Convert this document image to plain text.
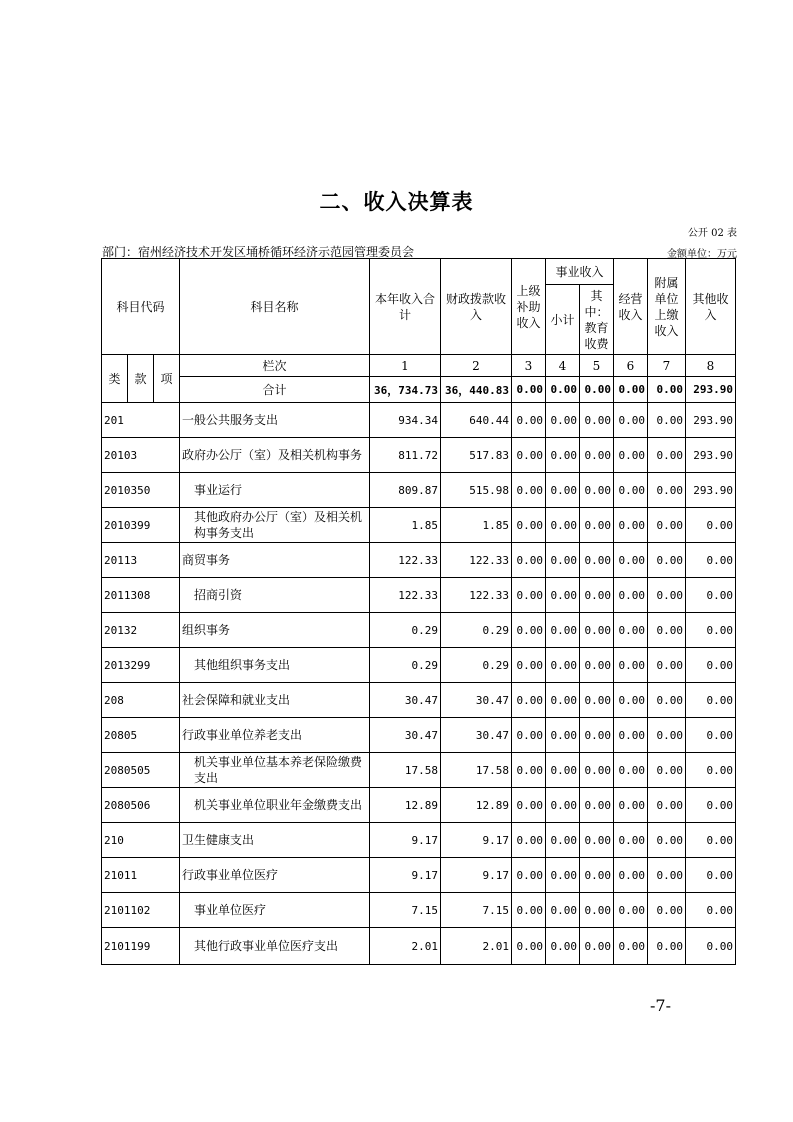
二、收入决算表
公开 02 表
部门：宿州经济技术开发区埇桥循环经济示范园管理委员会	金额单位：万元
科目代码			科目名称	本年收入合计	财政拨款收入	上级补助收入	事业收入		经营收入	附属单位上缴收入	其他收入
							小计	其中：教育收费			

类	款	项	栏次	1	2	3	4	5	6	7	8
			合计	36，734.73	36，440.83	0.00	0.00	0.00	0.00	0.00	293.90
201			一般公共服务支出	934.34	640.44	0.00	0.00	0.00	0.00	0.00	293.90
20103			政府办公厅（室）及相关机构事务	811.72	517.83	0.00	0.00	0.00	0.00	0.00	293.90
2010350			事业运行	809.87	515.98	0.00	0.00	0.00	0.00	0.00	293.90
2010399			其他政府办公厅（室）及相关机构事务支出	1.85	1.85	0.00	0.00	0.00	0.00	0.00	0.00
20113			商贸事务	122.33	122.33	0.00	0.00	0.00	0.00	0.00	0.00
2011308			招商引资	122.33	122.33	0.00	0.00	0.00	0.00	0.00	0.00
20132			组织事务	0.29	0.29	0.00	0.00	0.00	0.00	0.00	0.00
2013299			其他组织事务支出	0.29	0.29	0.00	0.00	0.00	0.00	0.00	0.00
208			社会保障和就业支出	30.47	30.47	0.00	0.00	0.00	0.00	0.00	0.00
20805			行政事业单位养老支出	30.47	30.47	0.00	0.00	0.00	0.00	0.00	0.00
2080505			机关事业单位基本养老保险缴费支出	17.58	17.58	0.00	0.00	0.00	0.00	0.00	0.00
2080506			机关事业单位职业年金缴费支出	12.89	12.89	0.00	0.00	0.00	0.00	0.00	0.00
210			卫生健康支出	9.17	9.17	0.00	0.00	0.00	0.00	0.00	0.00
21011			行政事业单位医疗	9.17	9.17	0.00	0.00	0.00	0.00	0.00	0.00
2101102			事业单位医疗	7.15	7.15	0.00	0.00	0.00	0.00	0.00	0.00
2101199			其他行政事业单位医疗支出	2.01	2.01	0.00	0.00	0.00	0.00	0.00	0.00
-7-
